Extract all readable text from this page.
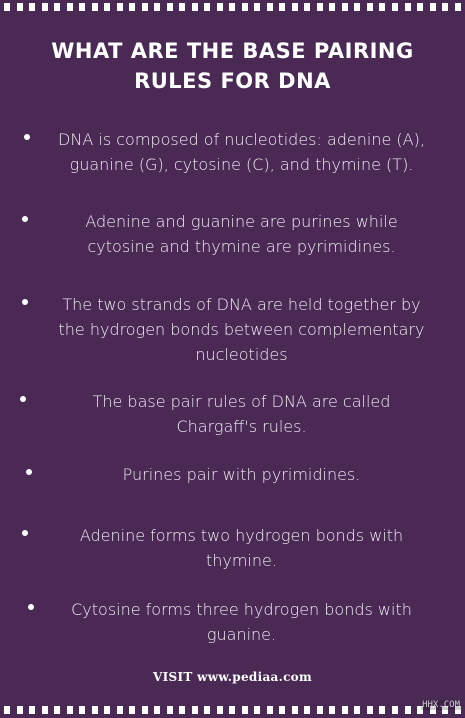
WHAT ARE THE BASE PAIRING
RULES FOR DNA
DNA is composed of nucleotides: adenine (A),
guanine (G), cytosine (C), and thymine (T).
Adenine and guanine are purines while
cytosine and thymine are pyrimidines.
The two strands of DNA are held together by
the hydrogen bonds between complementary
nucleotides
The base pair rules of DNA are called
Chargaff's rules.
Purines pair with pyrimidines.
Adenine forms two hydrogen bonds with
thymine.
Cytosine forms three hydrogen bonds with
guanine.
VISIT www.pediaa.com
HHX.COM
